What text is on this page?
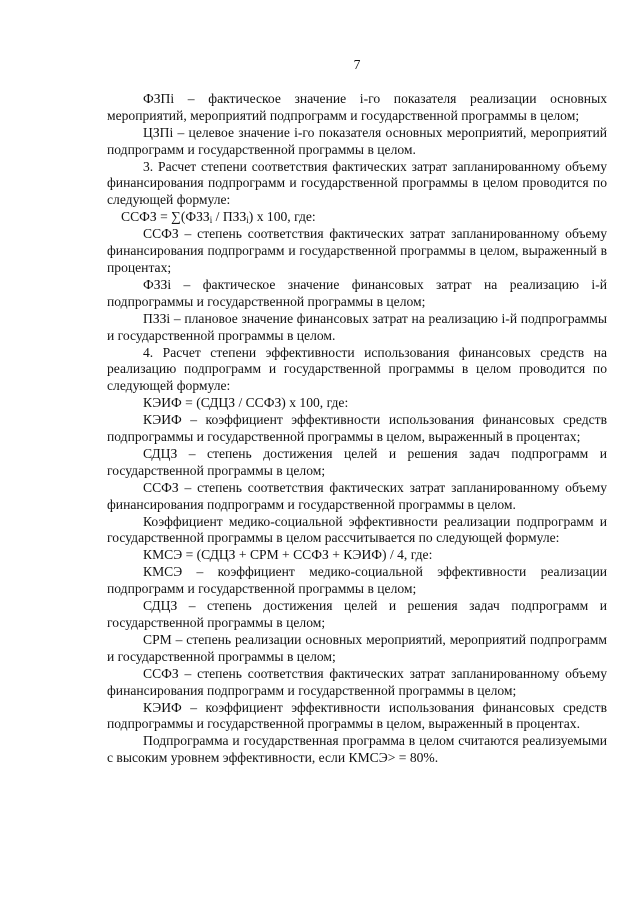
7

ФЗПi – фактическое значение i-го показателя реализации основных мероприятий, мероприятий подпрограмм и государственной программы в целом;

ЦЗПi – целевое значение i-го показателя основных мероприятий, мероприятий подпрограмм и государственной программы в целом.

3. Расчет степени соответствия фактических затрат запланированному объему финансирования подпрограмм и государственной программы в целом проводится по следующей формуле:

ССФЗ = $\sum(ФЗЗ_i / ПЗЗ_i)$ х 100, где:

ССФЗ – степень соответствия фактических затрат запланированному объему финансирования подпрограмм и государственной программы в целом, выраженный в процентах;

ФЗЗi – фактическое значение финансовых затрат на реализацию i-й подпрограммы и государственной программы в целом;

ПЗЗi – плановое значение финансовых затрат на реализацию i-й подпрограммы и государственной программы в целом.

4. Расчет степени эффективности использования финансовых средств на реализацию подпрограмм и государственной программы в целом проводится по следующей формуле:

КЭИФ = (СДЦЗ / ССФЗ) х 100, где:

КЭИФ – коэффициент эффективности использования финансовых средств подпрограммы и государственной программы в целом, выраженный в процентах;

СДЦЗ – степень достижения целей и решения задач подпрограмм и государственной программы в целом;

ССФЗ – степень соответствия фактических затрат запланированному объему финансирования подпрограмм и государственной программы в целом.

Коэффициент медико-социальной эффективности реализации подпрограмм и государственной программы в целом рассчитывается по следующей формуле:

КМСЭ = (СДЦЗ + СРМ + ССФЗ + КЭИФ) / 4, где:

КМСЭ – коэффициент медико-социальной эффективности реализации подпрограмм и государственной программы в целом;

СДЦЗ – степень достижения целей и решения задач подпрограмм и государственной программы в целом;

СРМ – степень реализации основных мероприятий, мероприятий подпрограмм и государственной программы в целом;

ССФЗ – степень соответствия фактических затрат запланированному объему финансирования подпрограмм и государственной программы в целом;

КЭИФ – коэффициент эффективности использования финансовых средств подпрограммы и государственной программы в целом, выраженный в процентах.

Подпрограмма и государственная программа в целом считаются реализуемыми с высоким уровнем эффективности, если КМСЭ> = 80%.
